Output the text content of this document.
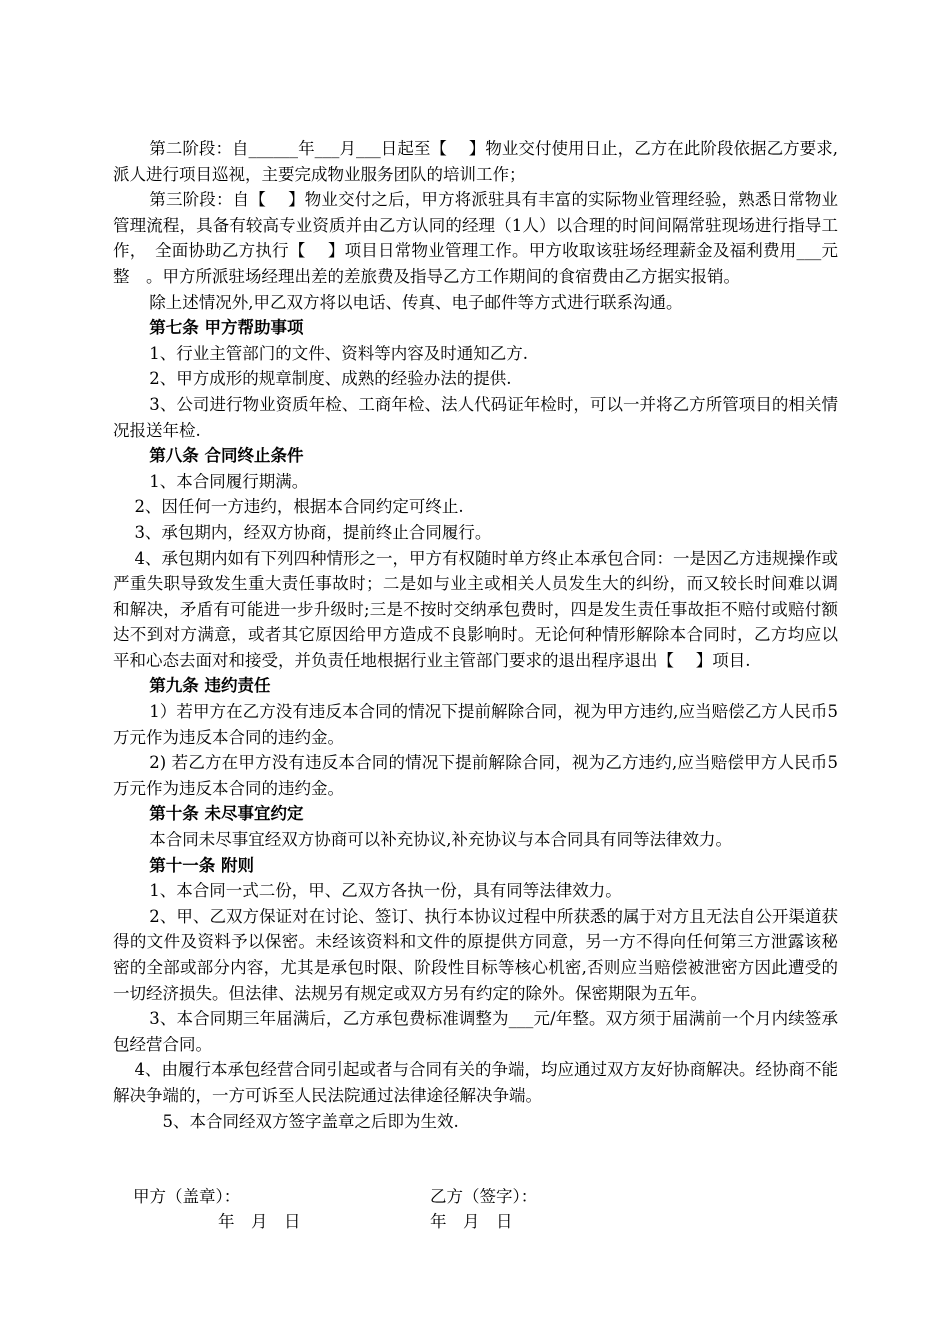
第二阶段：自______年___月___日起至【　 】物业交付使用日止，乙方在此阶段依据乙方要求,派人进行项目巡视，主要完成物业服务团队的培训工作；

第三阶段：自【　 】物业交付之后，甲方将派驻具有丰富的实际物业管理经验，熟悉日常物业管理流程，具备有较高专业资质并由乙方认同的经理（1人）以合理的时间间隔常驻现场进行指导工作，　全面协助乙方执行【　 】项目日常物业管理工作。甲方收取该驻场经理薪金及福利费用___元整　。甲方所派驻场经理出差的差旅费及指导乙方工作期间的食宿费由乙方据实报销。

除上述情况外,甲乙双方将以电话、传真、电子邮件等方式进行联系沟通。

第七条 甲方帮助事项

1、行业主管部门的文件、资料等内容及时通知乙方.

2、甲方成形的规章制度、成熟的经验办法的提供.

3、公司进行物业资质年检、工商年检、法人代码证年检时，可以一并将乙方所管项目的相关情况报送年检.

第八条 合同终止条件

1、本合同履行期满。

2、因任何一方违约，根据本合同约定可终止.

3、承包期内，经双方协商，提前终止合同履行。

4、承包期内如有下列四种情形之一，甲方有权随时单方终止本承包合同：一是因乙方违规操作或严重失职导致发生重大责任事故时；二是如与业主或相关人员发生大的纠纷，而又较长时间难以调和解决，矛盾有可能进一步升级时;三是不按时交纳承包费时，四是发生责任事故拒不赔付或赔付额达不到对方满意，或者其它原因给甲方造成不良影响时。无论何种情形解除本合同时，乙方均应以平和心态去面对和接受，并负责任地根据行业主管部门要求的退出程序退出【　 】项目.

第九条 违约责任

1）若甲方在乙方没有违反本合同的情况下提前解除合同，视为甲方违约,应当赔偿乙方人民币5万元作为违反本合同的违约金。

2) 若乙方在甲方没有违反本合同的情况下提前解除合同，视为乙方违约,应当赔偿甲方人民币5万元作为违反本合同的违约金。

第十条 未尽事宜约定

本合同未尽事宜经双方协商可以补充协议,补充协议与本合同具有同等法律效力。

第十一条 附则

1、本合同一式二份，甲、乙双方各执一份，具有同等法律效力。

2、甲、乙双方保证对在讨论、签订、执行本协议过程中所获悉的属于对方且无法自公开渠道获得的文件及资料予以保密。未经该资料和文件的原提供方同意，另一方不得向任何第三方泄露该秘密的全部或部分内容，尤其是承包时限、阶段性目标等核心机密,否则应当赔偿被泄密方因此遭受的一切经济损失。但法律、法规另有规定或双方另有约定的除外。保密期限为五年。

3、本合同期三年届满后，乙方承包费标准调整为___元/年整。双方须于届满前一个月内续签承包经营合同。

4、由履行本承包经营合同引起或者与合同有关的争端，均应通过双方友好协商解决。经协商不能解决争端的，一方可诉至人民法院通过法律途径解决争端。

5、本合同经双方签字盖章之后即为生效.

甲方（盖章）：	乙方（签字）：
年　月　日	年　月　日
